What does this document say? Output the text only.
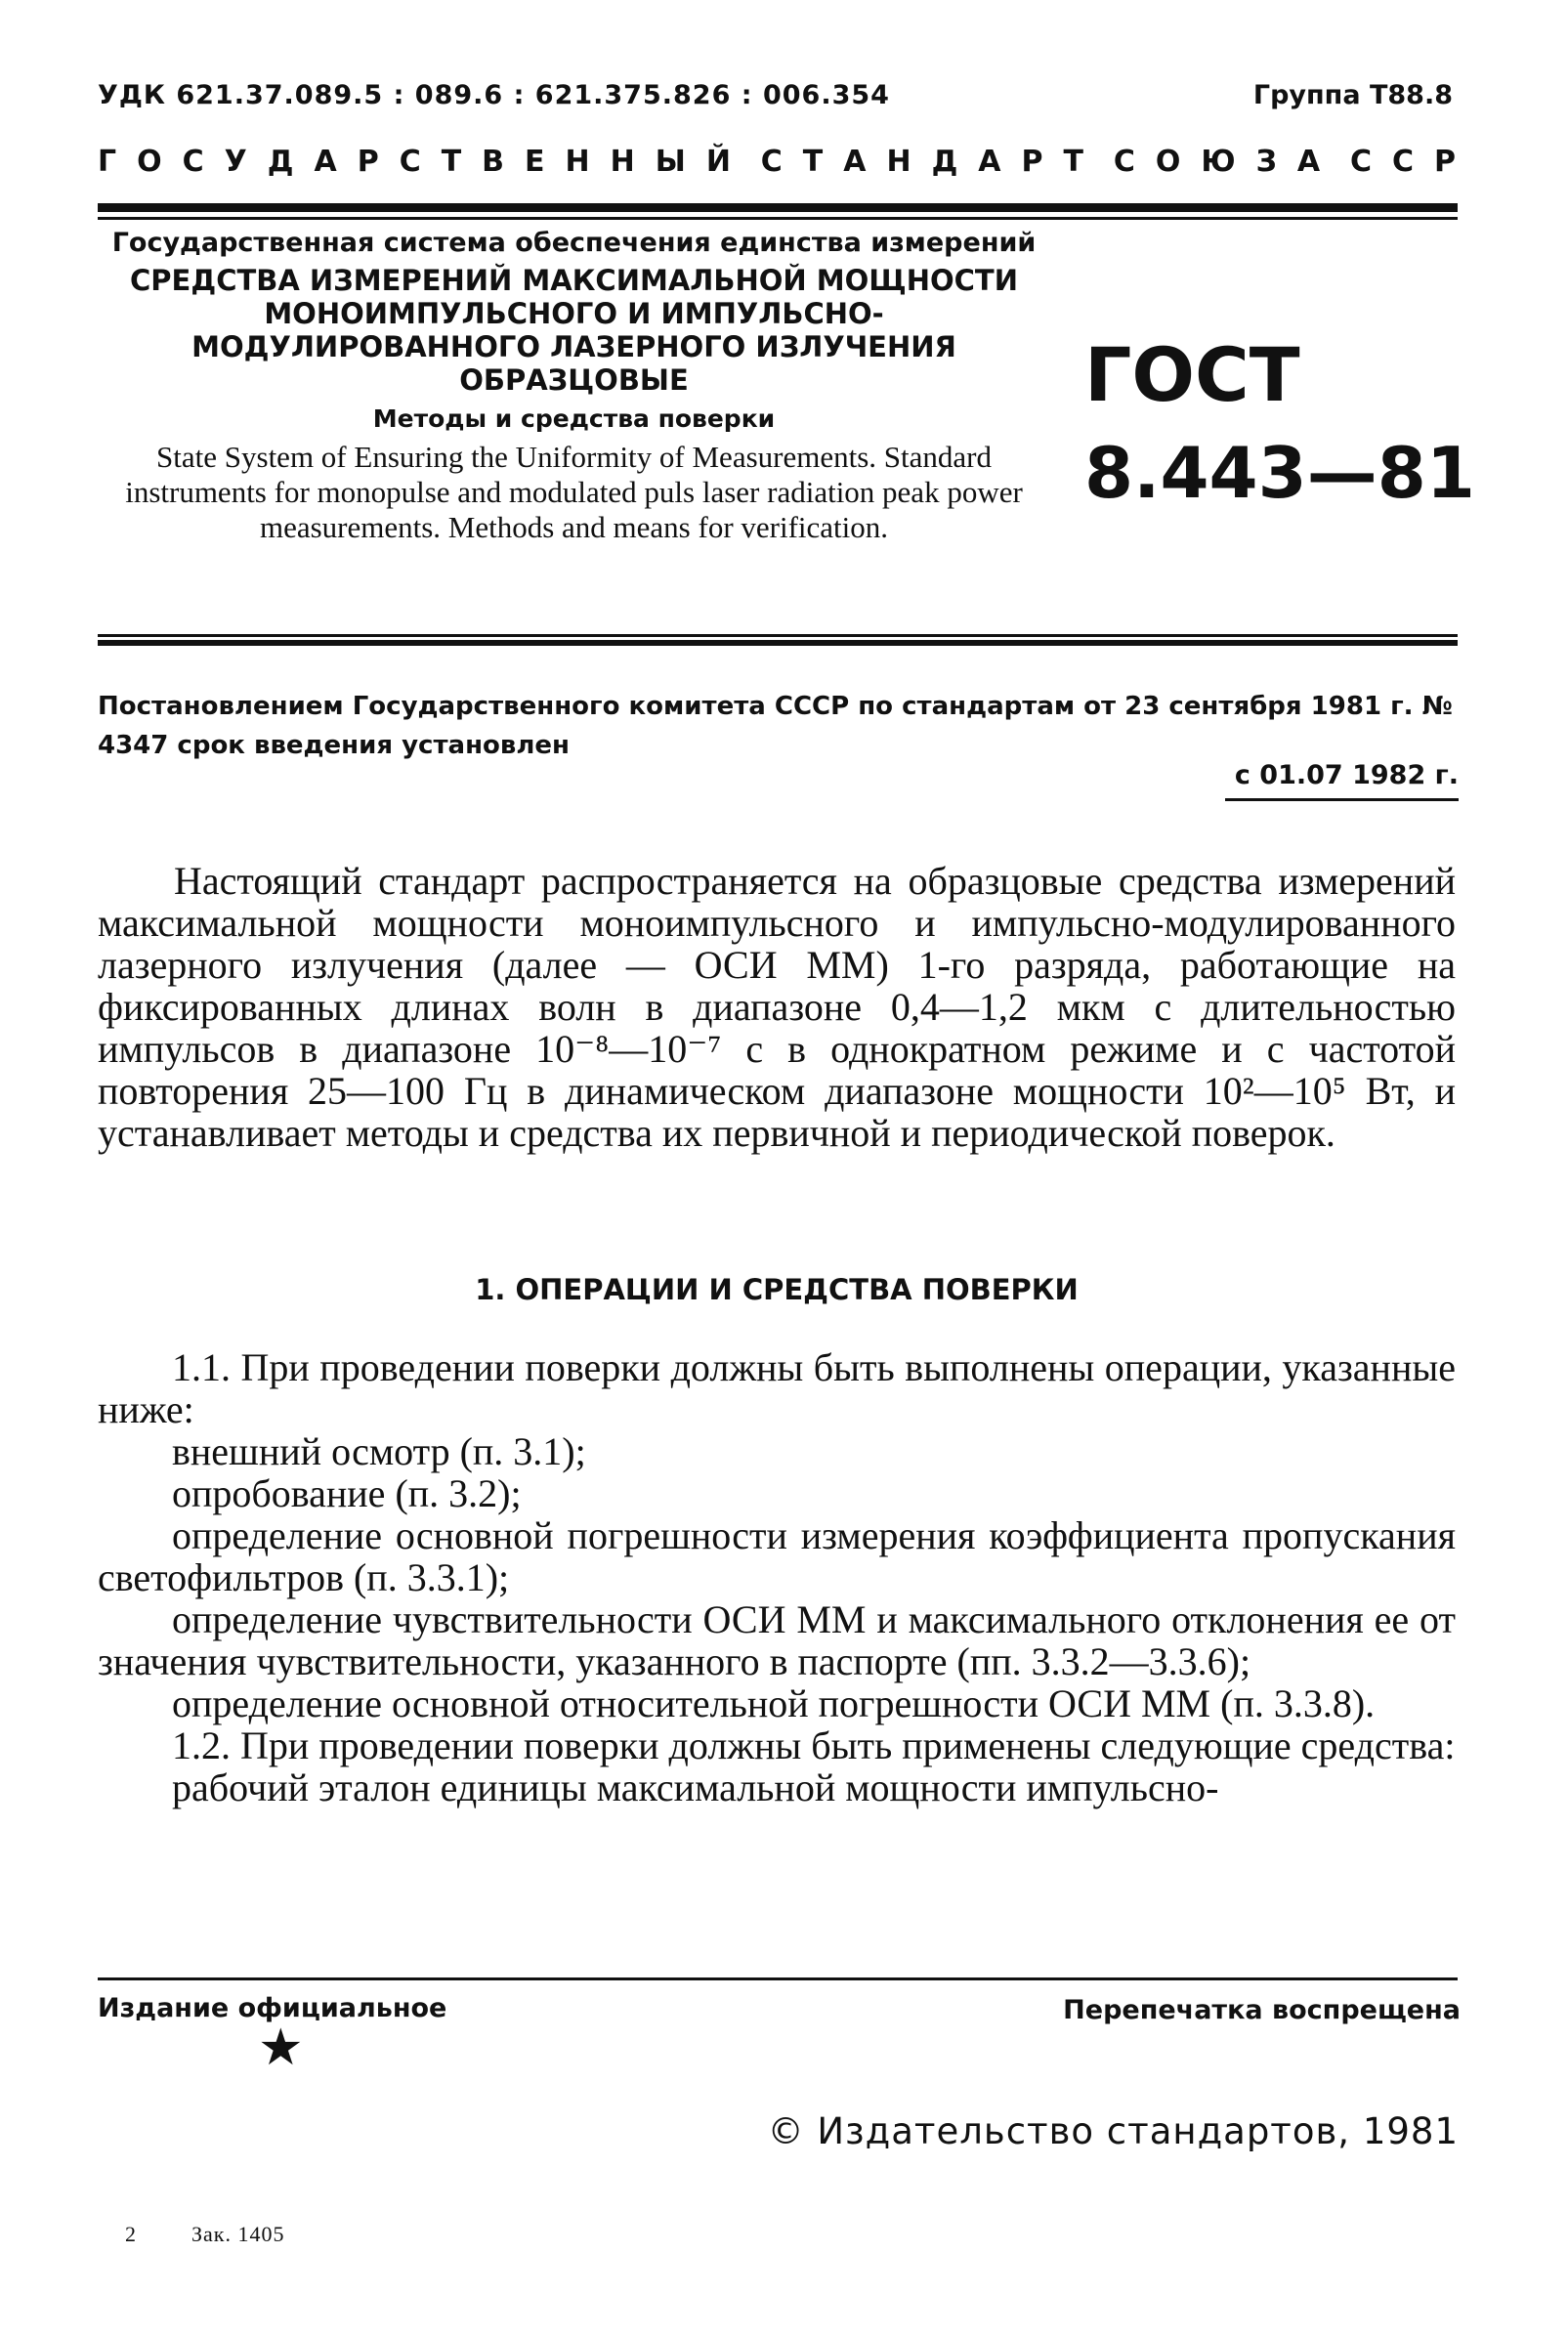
УДК 621.37.089.5 : 089.6 : 621.375.826 : 006.354	Группа Т88.8
ГОСУДАРСТВЕННЫЙ СТАНДАРТ СОЮЗА ССР

Государственная система обеспечения единства измерений

СРЕДСТВА ИЗМЕРЕНИЙ МАКСИМАЛЬНОЙ МОЩНОСТИ МОНОИМПУЛЬСНОГО И ИМПУЛЬСНО-МОДУЛИРОВАННОГО ЛАЗЕРНОГО ИЗЛУЧЕНИЯ ОБРАЗЦОВЫЕ

Методы и средства поверки

State System of Ensuring the Uniformity of Measurements. Standard instruments for monopulse and modulated puls laser radiation peak power measurements. Methods and means for verification.

ГОСТ
8.443—81
Постановлением Государственного комитета СССР по стандартам от 23 сентября 1981 г. № 4347 срок введения установлен
с 01.07 1982 г.

Настоящий стандарт распространяется на образцовые средства измерений максимальной мощности моноимпульсного и импульсно-модулированного лазерного излучения (далее — ОСИ ММ) 1-го разряда, работающие на фиксированных длинах волн в диапазоне 0,4—1,2 мкм с длительностью импульсов в диапазоне 10⁻⁸—10⁻⁷ с в однократном режиме и с частотой повторения 25—100 Гц в динамическом диапазоне мощности 10²—10⁵ Вт, и устанавливает методы и средства их первичной и периодической поверок.

1. ОПЕРАЦИИ И СРЕДСТВА ПОВЕРКИ

1.1. При проведении поверки должны быть выполнены операции, указанные ниже:

внешний осмотр (п. 3.1);

опробование (п. 3.2);

определение основной погрешности измерения коэффициента пропускания светофильтров (п. 3.3.1);

определение чувствительности ОСИ ММ и максимального отклонения ее от значения чувствительности, указанного в паспорте (пп. 3.3.2—3.3.6);

определение основной относительной погрешности ОСИ ММ (п. 3.3.8).

1.2. При проведении поверки должны быть применены следующие средства:

рабочий эталон единицы максимальной мощности импульсно-

Издание официальное	Перепечатка воспрещена
★
© Издательство стандартов, 1981
2	Зак. 1405
